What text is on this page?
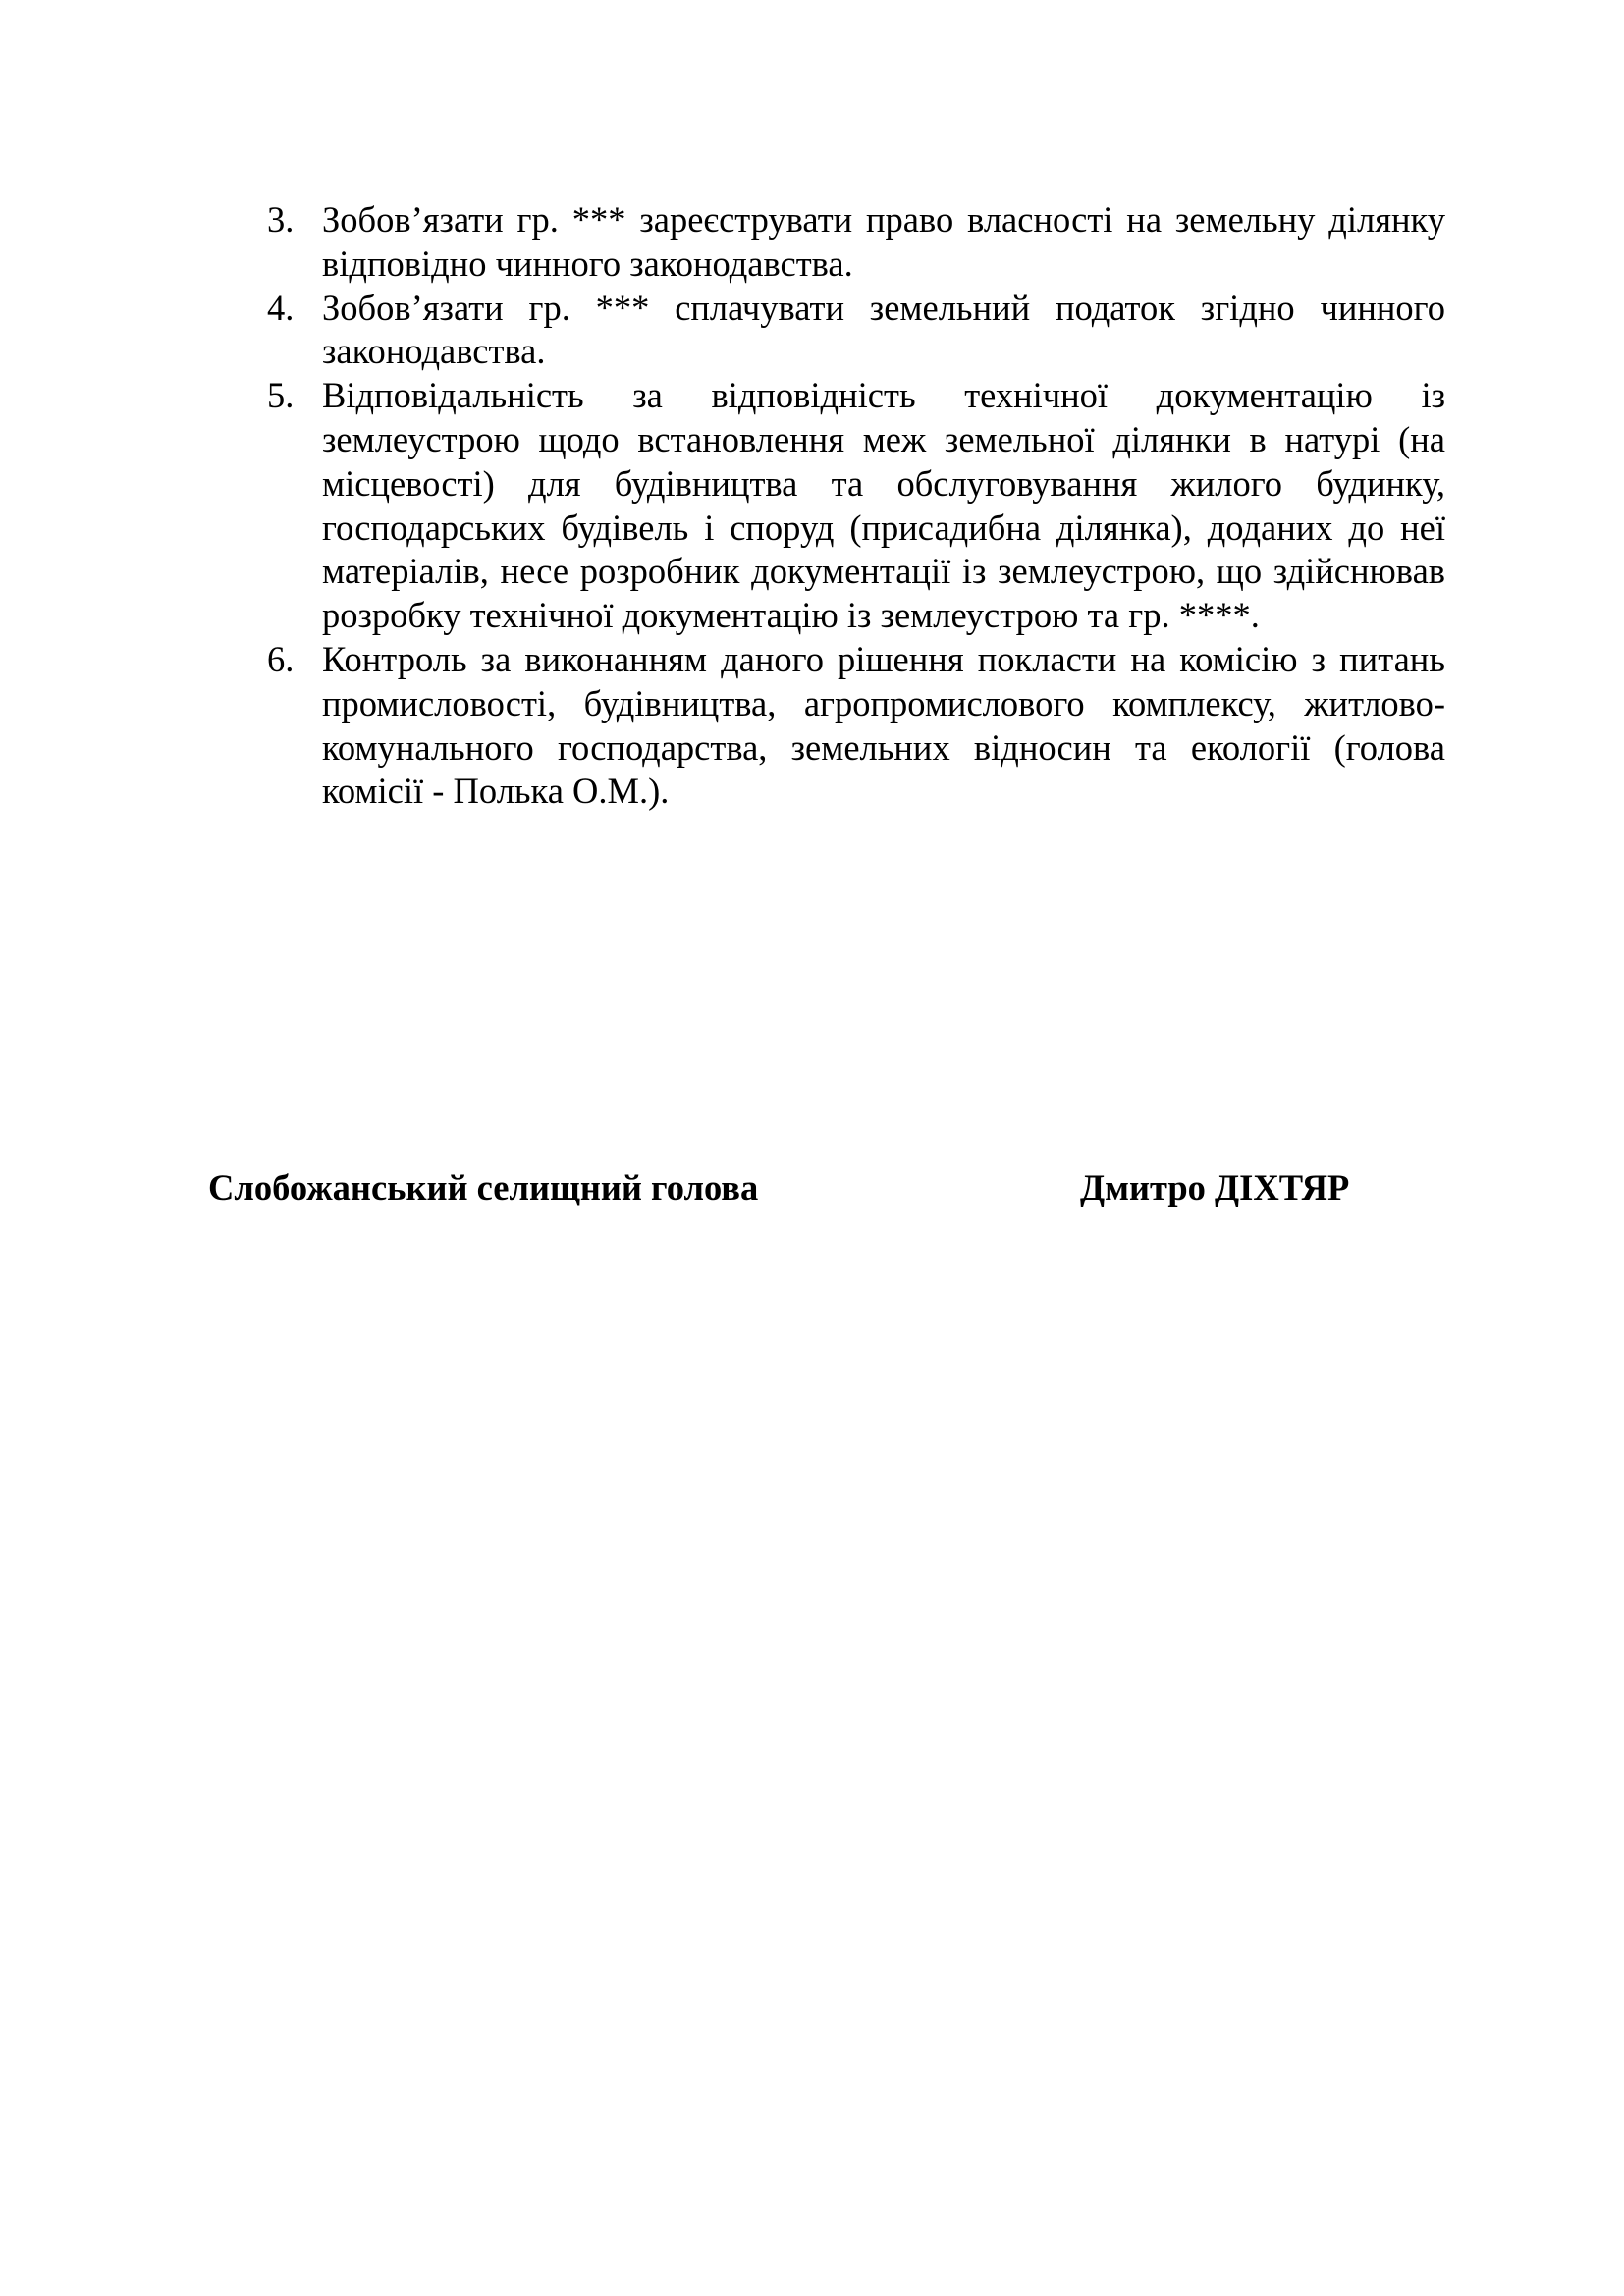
3. Зобов’язати гр. *** зареєструвати право власності на земельну ділянку відповідно чинного законодавства.
4. Зобов’язати гр. *** сплачувати земельний податок згідно чинного законодавства.
5. Відповідальність за відповідність технічної документацію із землеустрою щодо встановлення меж земельної ділянки в натурі (на місцевості) для будівництва та обслуговування жилого будинку, господарських будівель і споруд (присадибна ділянка), доданих до неї матеріалів, несе розробник документації із землеустрою, що здійснював розробку технічної документацію із землеустрою та гр. ****.
6. Контроль за виконанням даного рішення покласти на комісію з питань промисловості, будівництва, агропромислового комплексу, житлово-комунального господарства, земельних відносин та екології (голова комісії - Полька О.М.).
Слобожанський селищний голова	Дмитро ДІХТЯР
